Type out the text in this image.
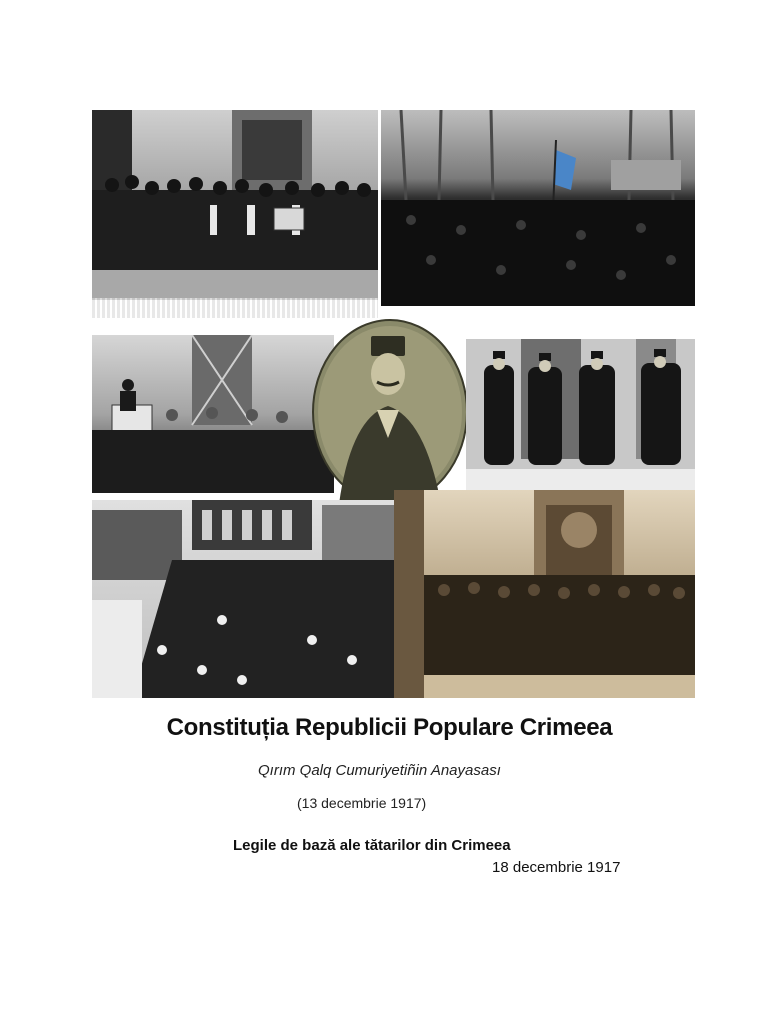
Constituția Republicii Populare Crimeea
Qırım Qalq Cumuriyetiñin Anayasası
(13 decembrie 1917)
Legile de bază ale tătarilor din Crimeea
18 decembrie 1917
